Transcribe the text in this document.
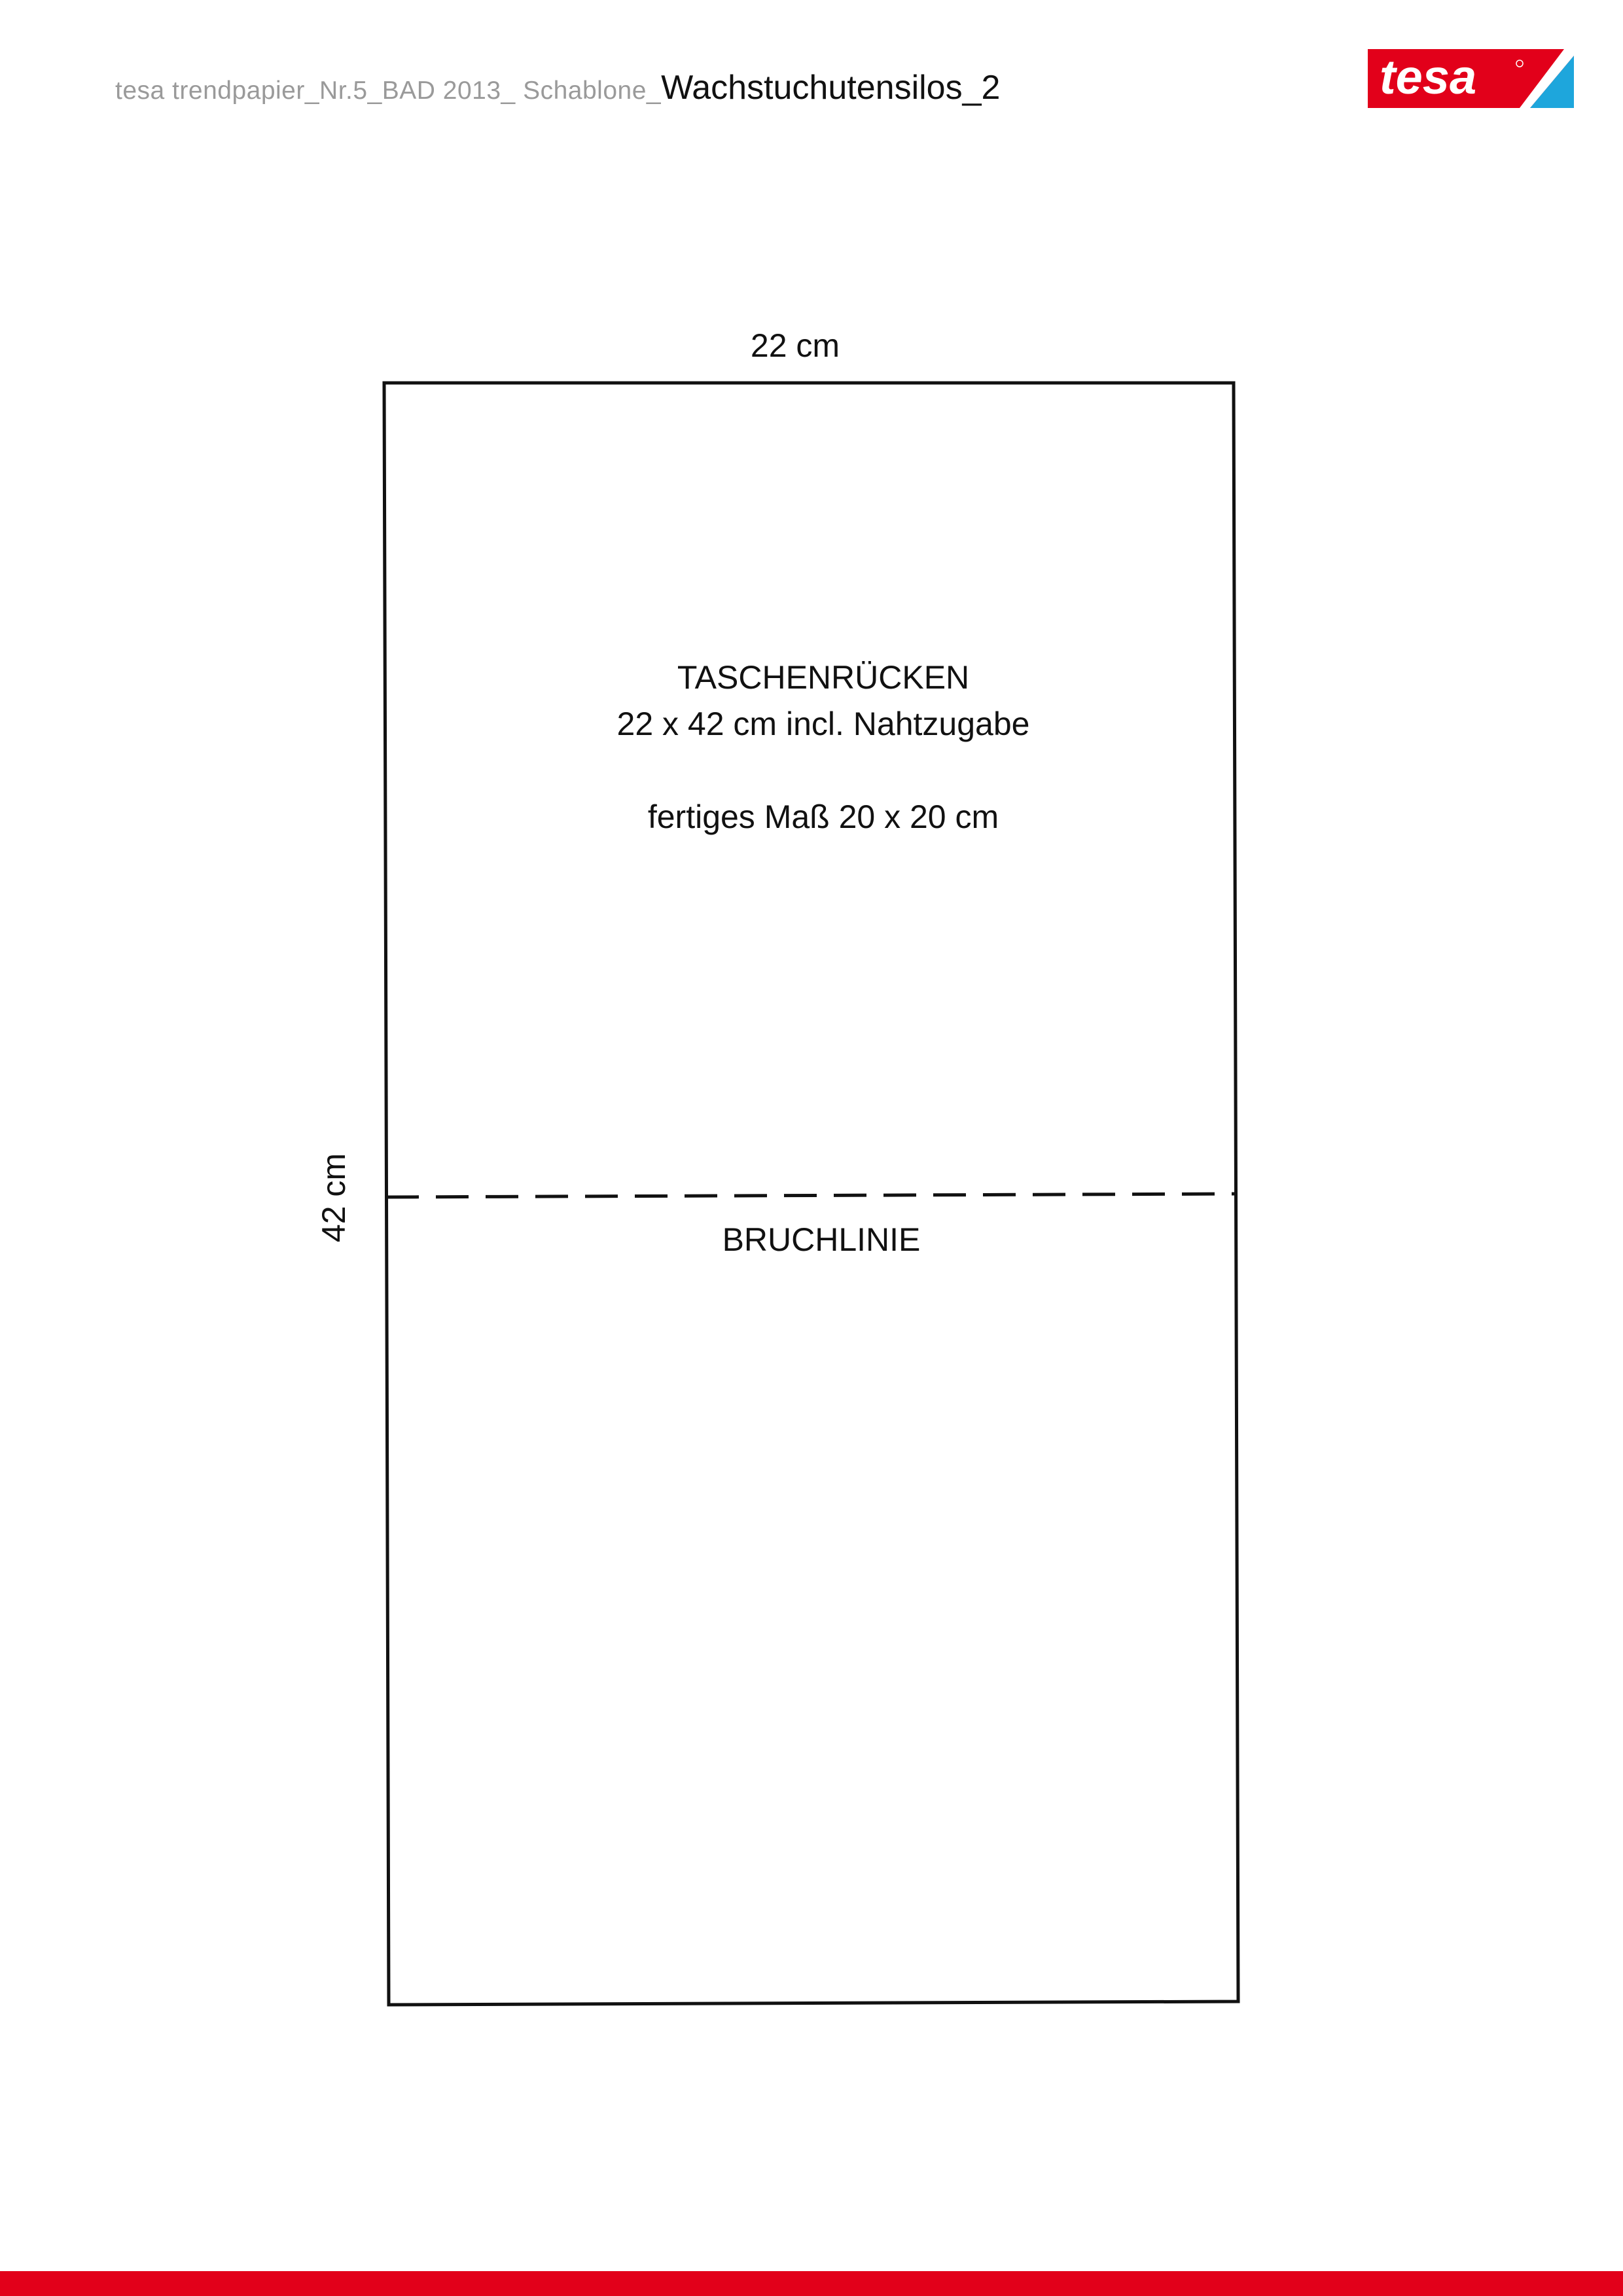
tesa trendpapier_Nr.5_BAD 2013_ Schablone_Wachstuchutensilos_2	tesa
22 cm
42 cm
TASCHENRÜCKEN
22 x 42 cm incl. Nahtzugabe
fertiges Maß 20 x 20 cm
BRUCHLINIE
